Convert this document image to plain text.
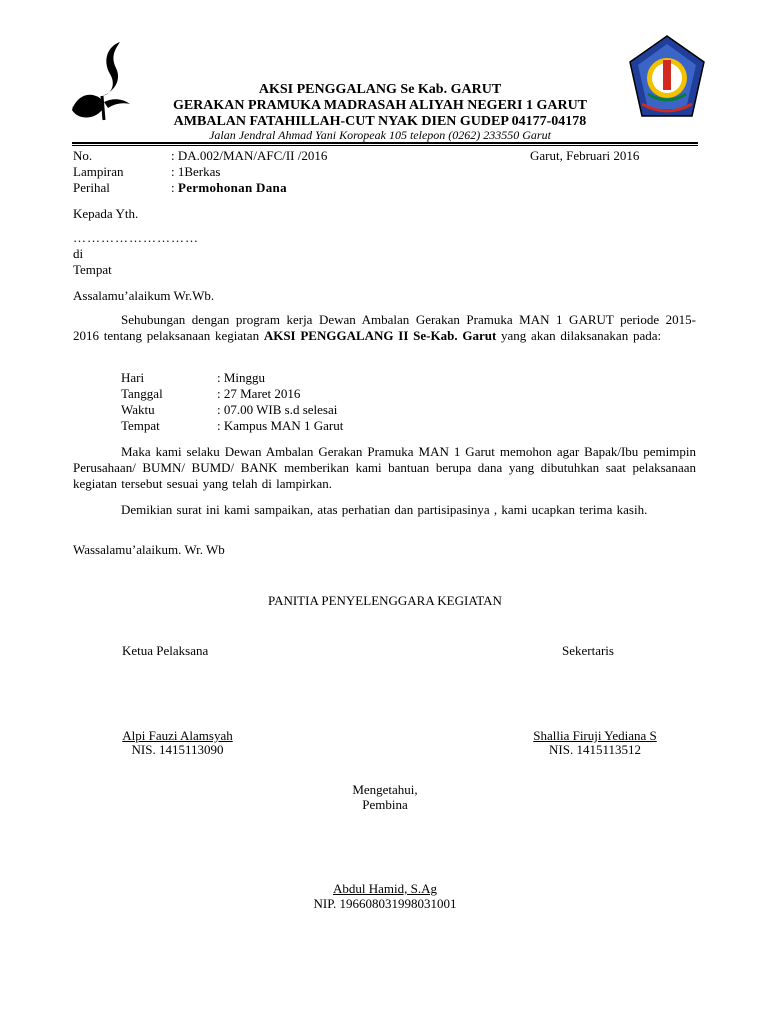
AKSI PENGGALANG Se Kab. GARUT
GERAKAN PRAMUKA MADRASAH ALIYAH NEGERI 1 GARUT
AMBALAN FATAHILLAH-CUT NYAK DIEN GUDEP 04177-04178
Jalan Jendral Ahmad Yani Koropeak 105 telepon (0262) 233550 Garut
No.	: DA.002/MAN/AFC/II /2016	Garut, Februari 2016
Lampiran	: 1Berkas
Perihal	: Permohonan Dana
Kepada Yth.
………………………
di
Tempat
Assalamu’alaikum Wr.Wb.
Sehubungan dengan program kerja Dewan Ambalan Gerakan Pramuka MAN 1 GARUT periode 2015-2016 tentang pelaksanaan kegiatan AKSI PENGGALANG II Se-Kab. Garut yang akan dilaksanakan pada:
Hari	: Minggu
Tanggal	: 27 Maret 2016
Waktu	: 07.00 WIB s.d selesai
Tempat	: Kampus MAN 1 Garut
Maka kami selaku Dewan Ambalan Gerakan Pramuka MAN 1 Garut memohon agar Bapak/Ibu pemimpin Perusahaan/ BUMN/ BUMD/ BANK memberikan kami bantuan berupa dana yang dibutuhkan saat pelaksanaan kegiatan tersebut sesuai yang telah di lampirkan.
Demikian surat ini kami sampaikan, atas perhatian dan partisipasinya , kami ucapkan terima kasih.
Wassalamu’alaikum. Wr. Wb
PANITIA PENYELENGGARA KEGIATAN
Ketua Pelaksana	Sekertaris
Alpi Fauzi Alamsyah
NIS. 1415113090
Shallia Firuji Yediana S
NIS. 1415113512
Mengetahui,
Pembina
Abdul Hamid, S.Ag
NIP. 196608031998031001
